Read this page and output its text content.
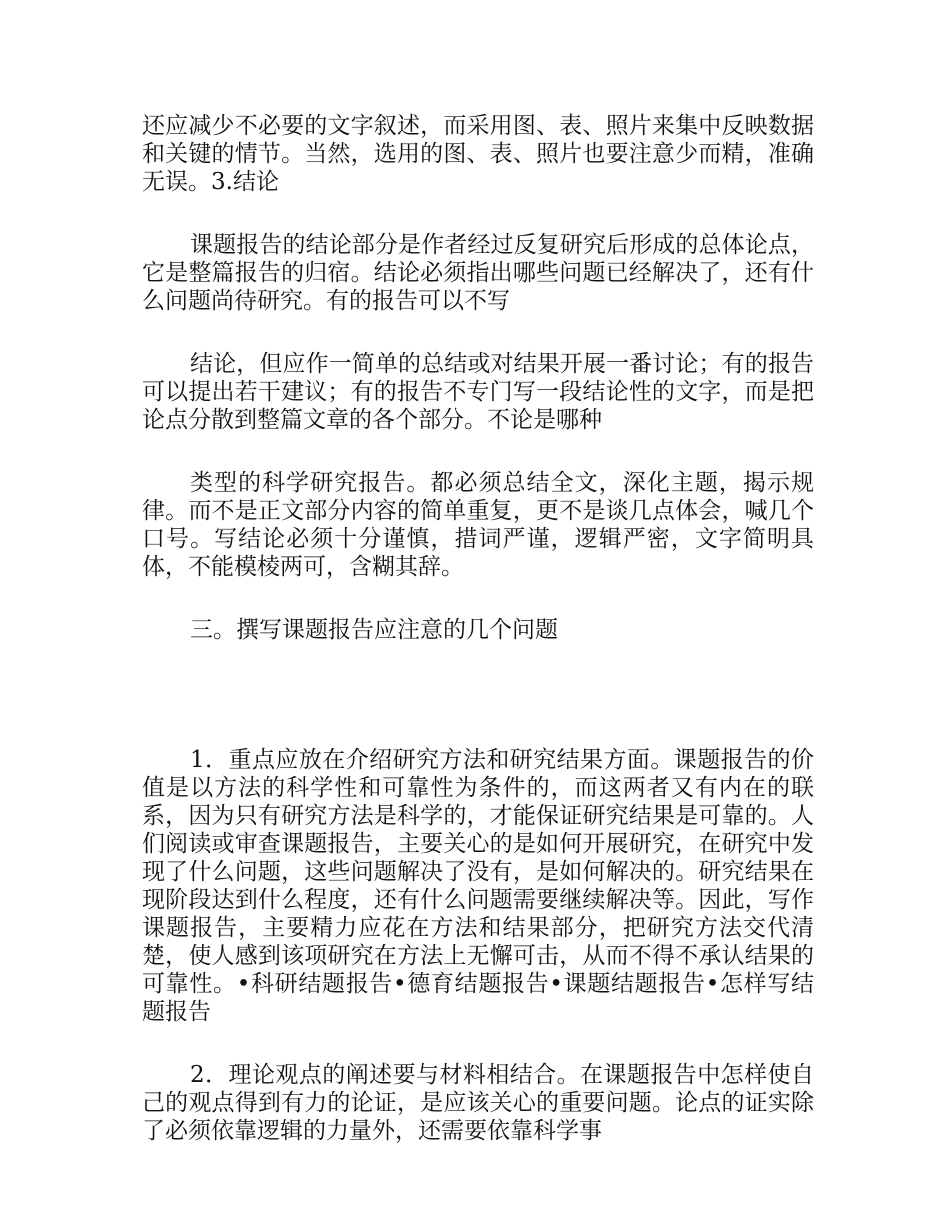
还应减少不必要的文字叙述，而采用图、表、照片来集中反映数据和关键的情节。当然，选用的图、表、照片也要注意少而精，准确无误。3.结论

课题报告的结论部分是作者经过反复研究后形成的总体论点，它是整篇报告的归宿。结论必须指出哪些问题已经解决了，还有什么问题尚待研究。有的报告可以不写

结论，但应作一简单的总结或对结果开展一番讨论；有的报告可以提出若干建议；有的报告不专门写一段结论性的文字，而是把论点分散到整篇文章的各个部分。不论是哪种

类型的科学研究报告。都必须总结全文，深化主题，揭示规律。而不是正文部分内容的简单重复，更不是谈几点体会，喊几个口号。写结论必须十分谨慎，措词严谨，逻辑严密，文字简明具体，不能模棱两可，含糊其辞。

三。撰写课题报告应注意的几个问题

1．重点应放在介绍研究方法和研究结果方面。课题报告的价值是以方法的科学性和可靠性为条件的，而这两者又有内在的联系，因为只有研究方法是科学的，才能保证研究结果是可靠的。人们阅读或审查课题报告，主要关心的是如何开展研究，在研究中发现了什么问题，这些问题解决了没有，是如何解决的。研究结果在现阶段达到什么程度，还有什么问题需要继续解决等。因此，写作课题报告，主要精力应花在方法和结果部分，把研究方法交代清楚，使人感到该项研究在方法上无懈可击，从而不得不承认结果的可靠性。•科研结题报告•德育结题报告•课题结题报告•怎样写结题报告

2．理论观点的阐述要与材料相结合。在课题报告中怎样使自己的观点得到有力的论证，是应该关心的重要问题。论点的证实除了必须依靠逻辑的力量外，还需要依靠科学事
